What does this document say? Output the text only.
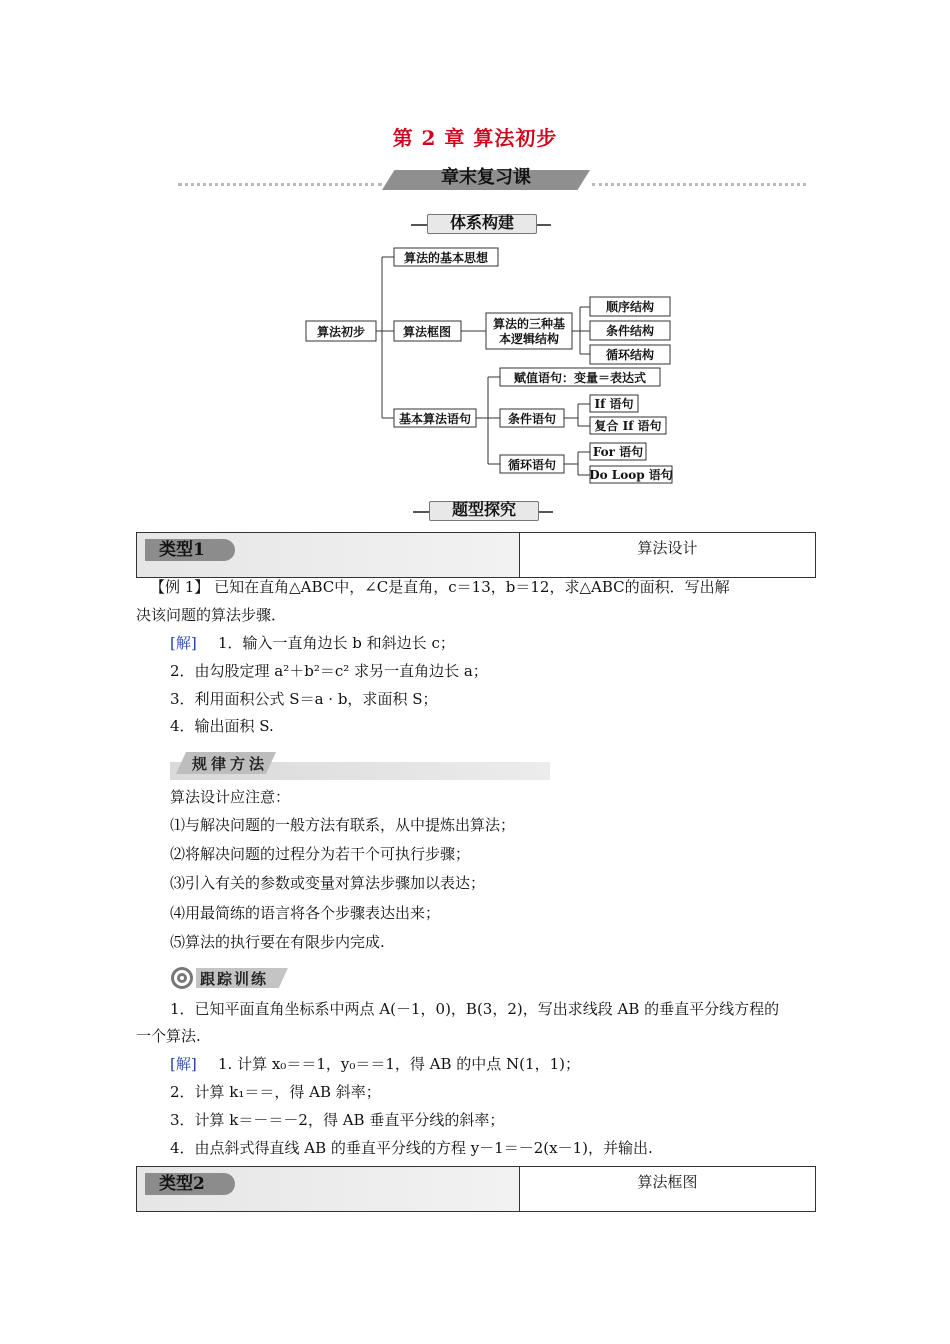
第 2 章 算法初步
章末复习课
体系构建
算法初步
算法的基本思想
算法框图
基本算法语句
算法的三种基
本逻辑结构
顺序结构
条件结构
循环结构
赋值语句：变量＝表达式
条件语句
循环语句
If 语句
复合 If 语句
For 语句
Do Loop 语句
题型探究
类型1	算法设计
【例 1】 已知在直角△ABC中，∠C是直角，c＝13，b＝12，求△ABC的面积．写出解
决该问题的算法步骤．
[解] 1．输入一直角边长 b 和斜边长 c；
2．由勾股定理 a²＋b²＝c² 求另一直角边长 a；
3．利用面积公式 S＝a · b，求面积 S；
4．输出面积 S.
规律方法
算法设计应注意：
⑴与解决问题的一般方法有联系，从中提炼出算法；
⑵将解决问题的过程分为若干个可执行步骤；
⑶引入有关的参数或变量对算法步骤加以表达；
⑷用最简练的语言将各个步骤表达出来；
⑸算法的执行要在有限步内完成.
跟踪训练
1．已知平面直角坐标系中两点 A(－1，0)，B(3，2)，写出求线段 AB 的垂直平分线方程的
一个算法.
[解] 1. 计算 x₀＝＝1，y₀＝＝1，得 AB 的中点 N(1，1)；
2．计算 k₁＝＝，得 AB 斜率；
3．计算 k＝－＝－2，得 AB 垂直平分线的斜率；
4．由点斜式得直线 AB 的垂直平分线的方程 y－1＝－2(x－1)，并输出.
类型2	算法框图
